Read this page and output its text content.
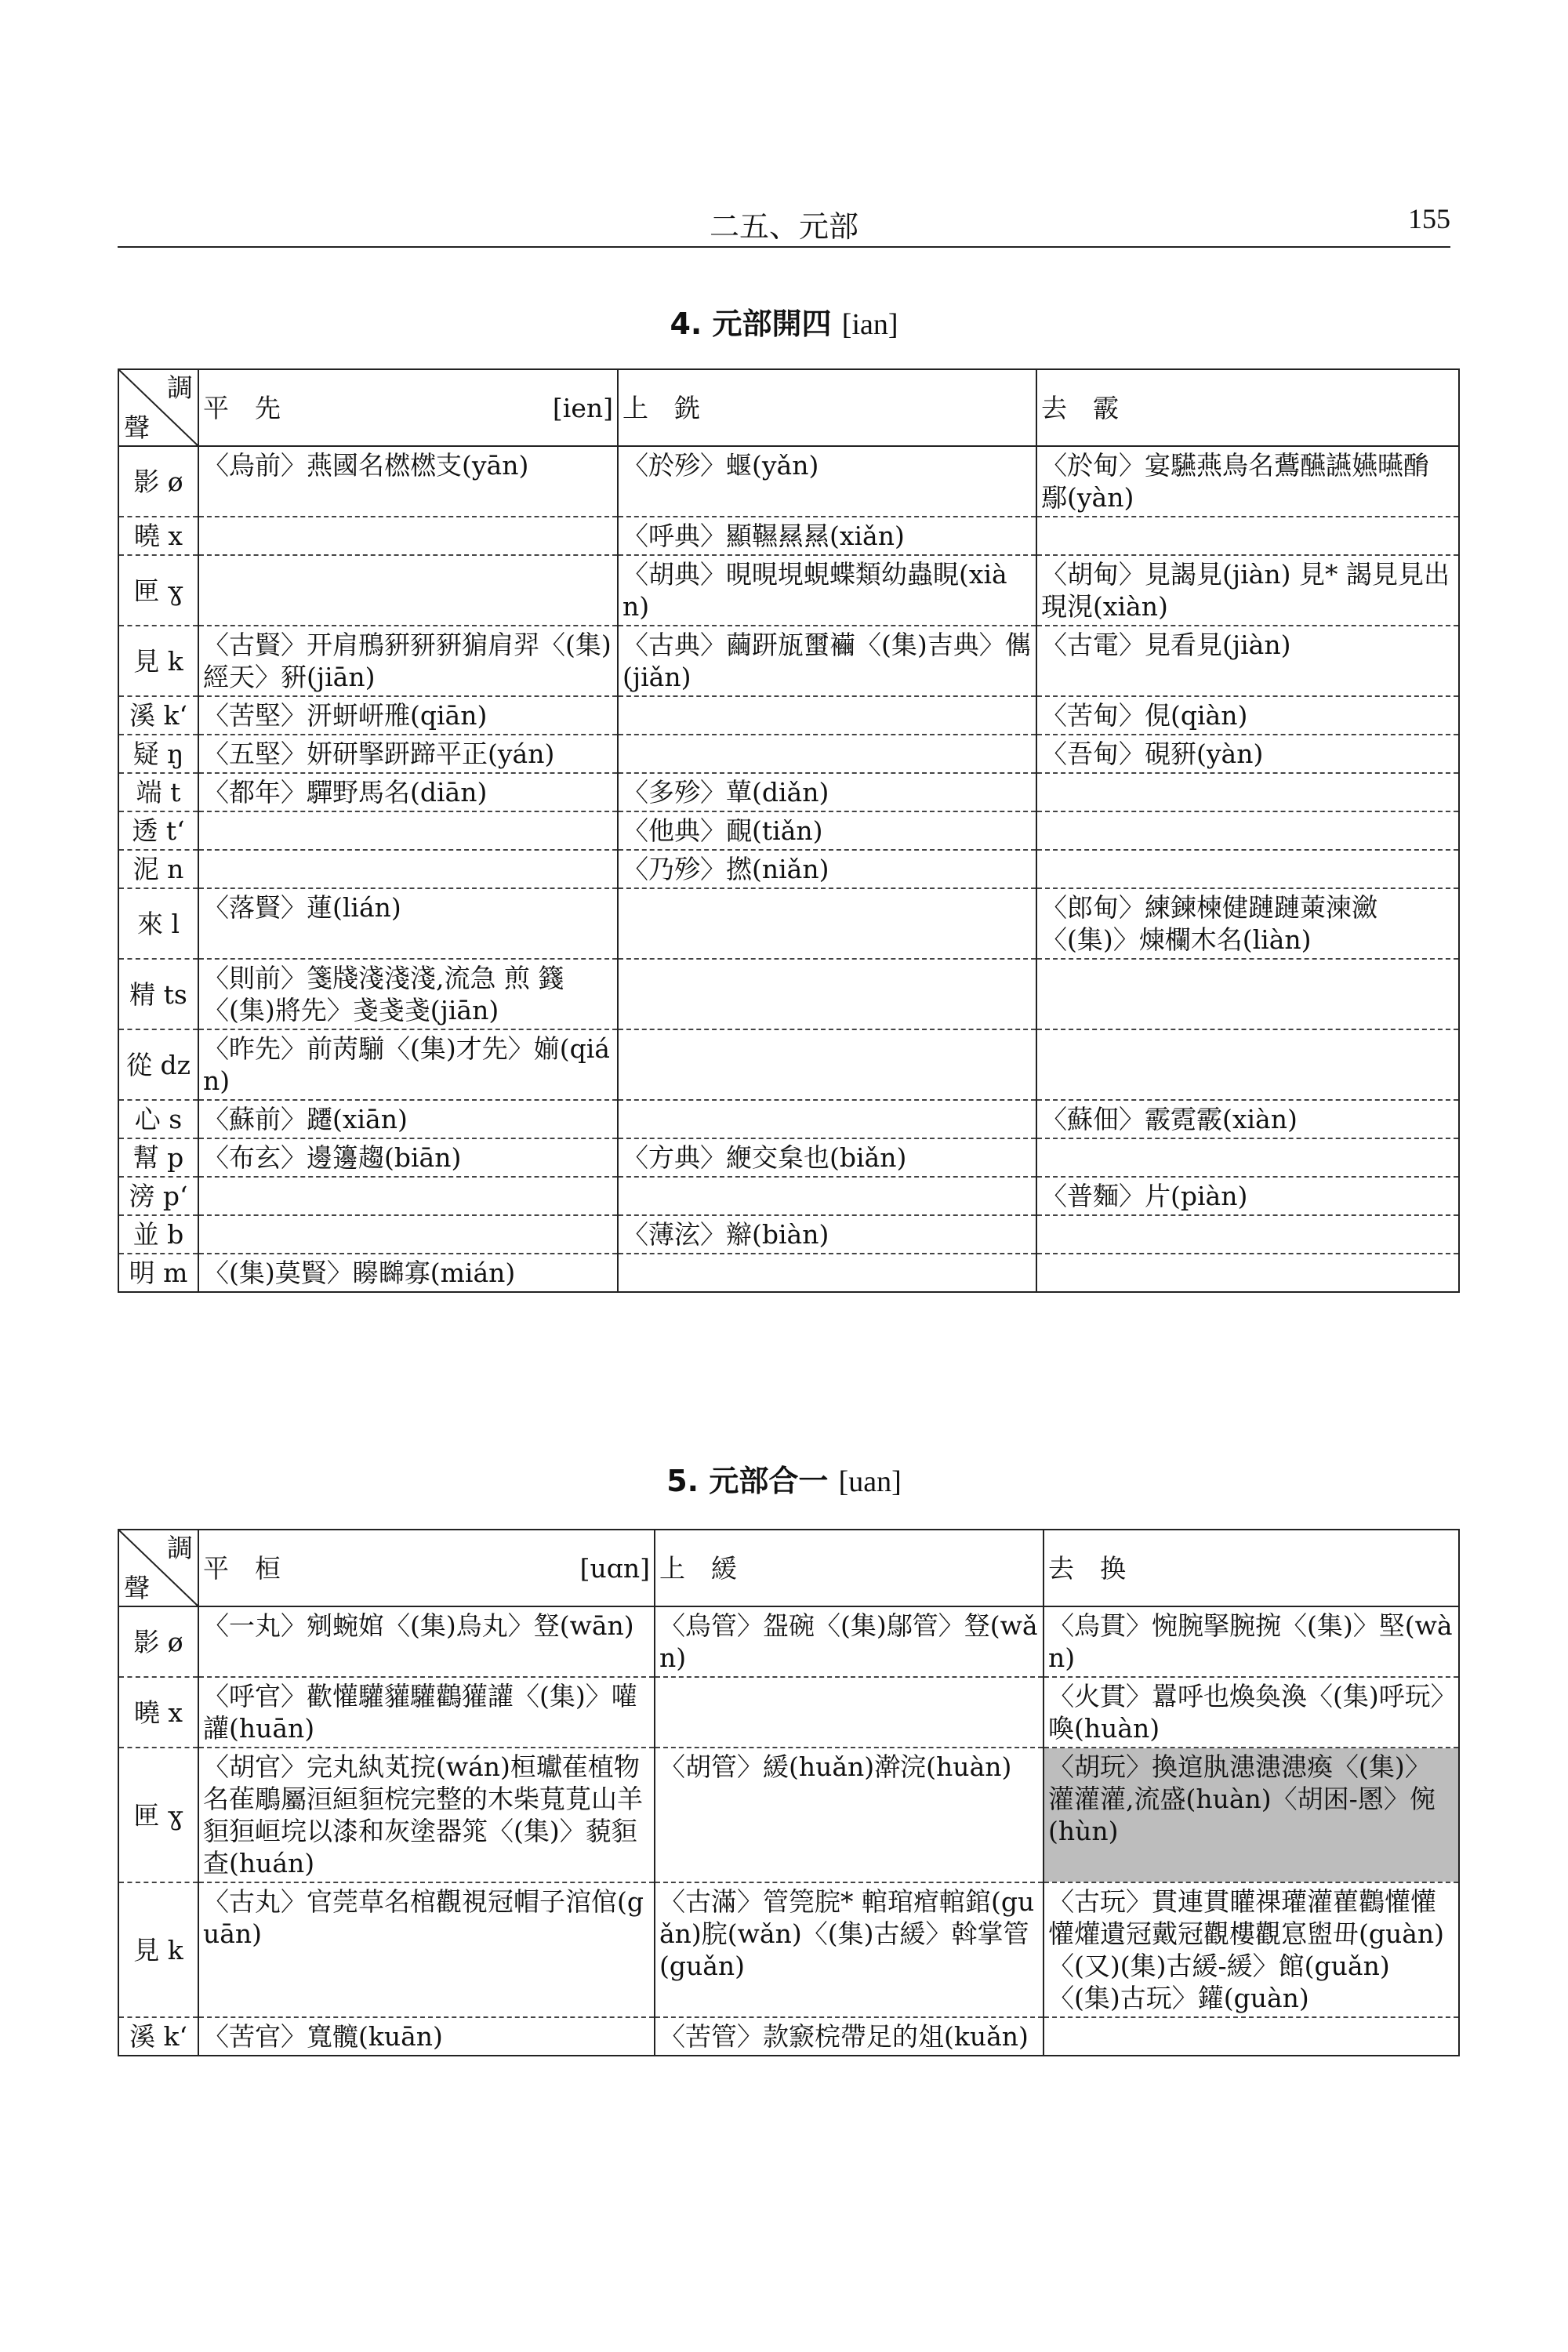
二五、元部	155
4. 元部開四 [ian]
調
聲	平　先 [ien]	上　銑	去　霰

影 ø	〈烏前〉燕國名橪橪支(yān)	〈於殄〉蝘(yǎn)	〈於甸〉宴驠燕鳥名鷰醼讌嬿曣酳鄢(yàn)
曉 x		〈呼典〉顯韅㬎㬎(xiǎn)	
匣 ɣ		〈胡典〉晛晛垷蜆蝶類幼蟲睍(xiàn)	〈胡甸〉見謁見(jiàn) 見* 謁見見出現涀(xiàn)
見 k	〈古賢〉开肩鳽豣豜豣猏肩羿〈(集)經天〉豣(jiān)	〈古典〉繭趼瓬蠒襺〈(集)吉典〉㒞(jiǎn)	〈古電〉見看見(jiàn)
溪 k‘	〈苦堅〉汧蚈岍雃(qiān)		〈苦甸〉俔(qiàn)
疑 ŋ	〈五堅〉妍研掔趼蹄平正(yán)		〈吾甸〉硯豣(yàn)
端 t	〈都年〉驒野馬名(diān)	〈多殄〉蕇(diǎn)	
透 t‘		〈他典〉靦(tiǎn)	
泥 n		〈乃殄〉撚(niǎn)	
來 l	〈落賢〉蓮(lián)		〈郎甸〉練鍊楝健蹥蹥萰湅瀲〈(集)〉煉欄木名(liàn)
精 ts	〈則前〉箋牋淺淺淺,流急 煎 籛〈(集)將先〉戔戔戔(jiān)		
從 dz	〈昨先〉前苪騚〈(集)才先〉媊(qián)		
心 s	〈蘇前〉躚(xiān)		〈蘇佃〉霰霓霰(xiàn)
幫 p	〈布玄〉邊籩趨(biān)	〈方典〉緶交枲也(biǎn)	
滂 p‘			〈普麵〉片(piàn)
並 b		〈薄泫〉辮(biàn)	
明 m	〈(集)莫賢〉矈矊寡(mián)		
5. 元部合一 [uan]
調
聲	平　桓 [uɑn]	上　緩	去　换

影 ø	〈一丸〉剜蜿婠〈(集)烏丸〉豋(wān)	〈烏管〉盌碗〈(集)鄔管〉豋(wǎn)	〈烏貫〉惋腕掔腕捥〈(集)〉堅(wàn)
曉 x	〈呼官〉歡懽驩貛驩鸛獾讙〈(集)〉嚾讙(huān)		〈火貫〉囂呼也煥奐渙〈(集)呼玩〉喚(huàn)
匣 ɣ	〈胡官〉完丸紈芄捖(wán)桓瓛萑植物名雈鵰屬洹絙貆梡完整的木柴萈莧山羊貆狟峘垸以漆和灰塗器筄〈(集)〉藐貆查(huán)	〈胡管〉緩(huǎn)澣浣(huàn)	〈胡玩〉換逭肒漶漶漶瘓〈(集)〉灌灌灌,流盛(huàn)〈胡困-慁〉倇(hùn)
見 k	〈古丸〉官莞草名棺觀視冠帽子涫倌(guān)	〈古滿〉管筦脘* 輨琯痯輨錧(guǎn)脘(wǎn)〈(集)古緩〉斡掌管(guǎn)	〈古玩〉貫連貫矔祼瓘灌雚鸛懽懽懽爟遺冠戴冠觀樓觀悹盥毌(guàn)〈(又)(集)古緩-緩〉館(guǎn)〈(集)古玩〉鑵(guàn)
溪 k‘	〈苦官〉寬髖(kuān)	〈苦管〉款窾梡帶足的俎(kuǎn)	
